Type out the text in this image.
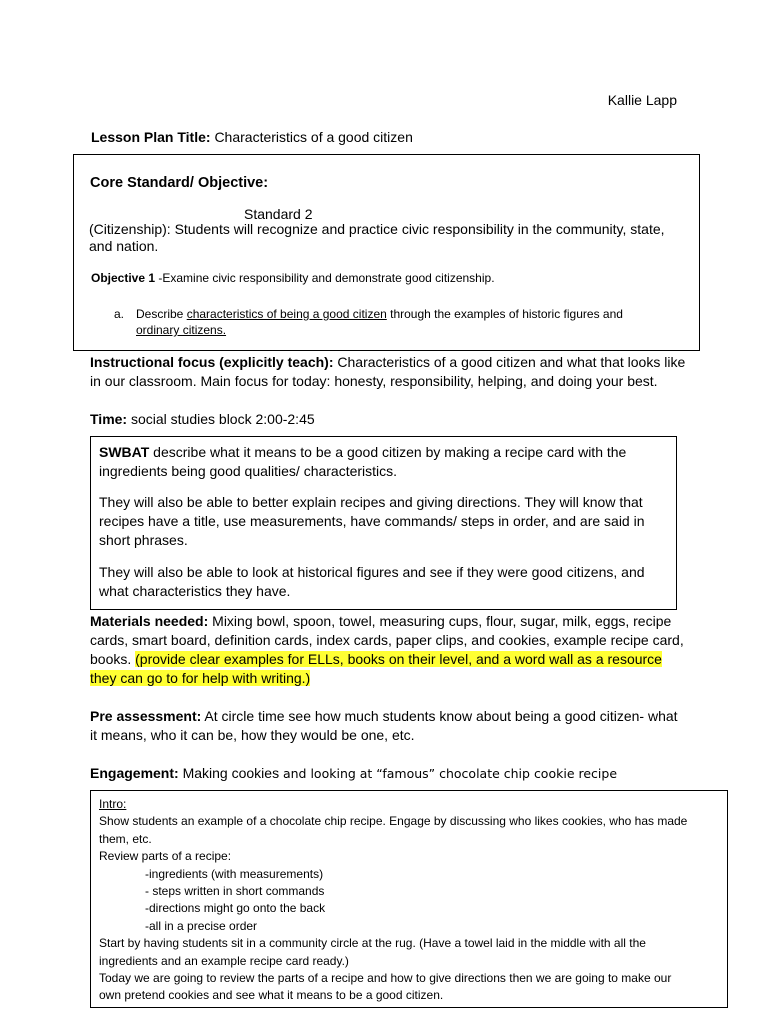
Kallie Lapp
Lesson Plan Title: Characteristics of a good citizen
Core Standard/ Objective:
Standard 2
(Citizenship): Students will recognize and practice civic responsibility in the community, state,
and nation.
Objective 1 -Examine civic responsibility and demonstrate good citizenship.
a. Describe characteristics of being a good citizen through the examples of historic figures and
ordinary citizens.
Instructional focus (explicitly teach): Characteristics of a good citizen and what that looks like
in our classroom. Main focus for today: honesty, responsibility, helping, and doing your best.
Time: social studies block 2:00-2:45
SWBAT describe what it means to be a good citizen by making a recipe card with the
ingredients being good qualities/ characteristics.
They will also be able to better explain recipes and giving directions. They will know that
recipes have a title, use measurements, have commands/ steps in order, and are said in
short phrases.
They will also be able to look at historical figures and see if they were good citizens, and
what characteristics they have.
Materials needed: Mixing bowl, spoon, towel, measuring cups, flour, sugar, milk, eggs, recipe
cards, smart board, definition cards, index cards, paper clips, and cookies, example recipe card,
books. (provide clear examples for ELLs, books on their level, and a word wall as a resource
they can go to for help with writing.)
Pre assessment: At circle time see how much students know about being a good citizen- what
it means, who it can be, how they would be one, etc.
Engagement: Making cookies and looking at “famous” chocolate chip cookie recipe
Intro:
Show students an example of a chocolate chip recipe. Engage by discussing who likes cookies, who has made
them, etc.
Review parts of a recipe:
-ingredients (with measurements)
- steps written in short commands
-directions might go onto the back
-all in a precise order
Start by having students sit in a community circle at the rug. (Have a towel laid in the middle with all the
ingredients and an example recipe card ready.)
Today we are going to review the parts of a recipe and how to give directions then we are going to make our
own pretend cookies and see what it means to be a good citizen.
